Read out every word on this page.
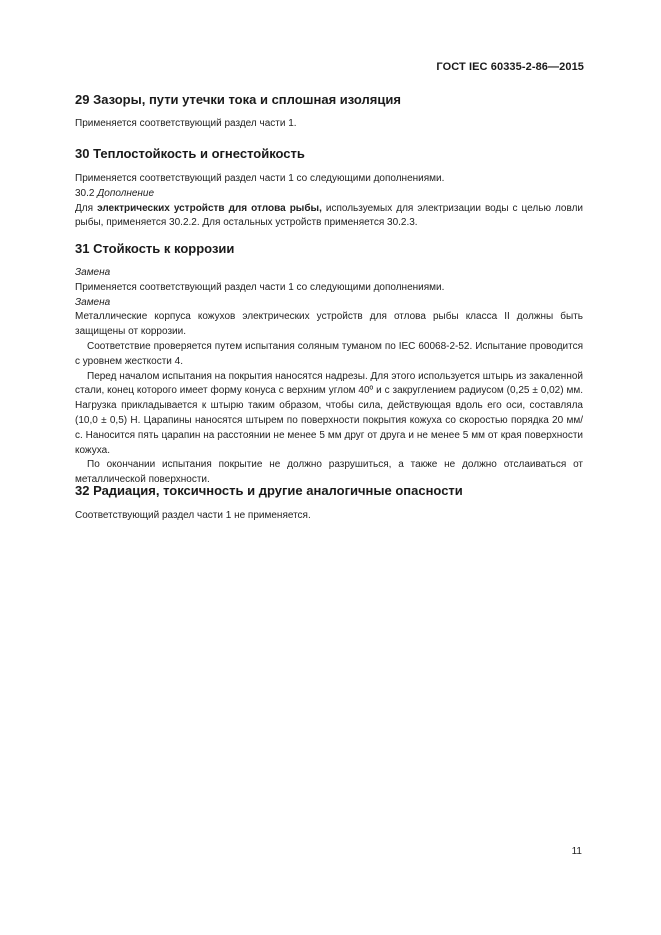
ГОСТ IEC 60335-2-86—2015
29 Зазоры, пути утечки тока и сплошная изоляция

Применяется соответствующий раздел части 1.

30 Теплостойкость и огнестойкость

Применяется соответствующий раздел части 1 со следующими дополнениями.

30.2 Дополнение

Для электрических устройств для отлова рыбы, используемых для электризации воды с целью ловли рыбы, применяется 30.2.2. Для остальных устройств применяется 30.2.3.

31 Стойкость к коррозии

Замена

Применяется соответствующий раздел части 1 со следующими дополнениями.

Замена

Металлические корпуса кожухов электрических устройств для отлова рыбы класса II должны быть защищены от коррозии.

Соответствие проверяется путем испытания соляным туманом по IEC 60068-2-52. Испытание проводится с уровнем жесткости 4.

Перед началом испытания на покрытия наносятся надрезы. Для этого используется штырь из закаленной стали, конец которого имеет форму конуса с верхним углом 40º и с закруглением радиусом (0,25 ± 0,02) мм. Нагрузка прикладывается к штырю таким образом, чтобы сила, действующая вдоль его оси, составляла (10,0 ± 0,5) Н. Царапины наносятся штырем по поверхности покрытия кожуха со скоростью порядка 20 мм/с. Наносится пять царапин на расстоянии не менее 5 мм друг от друга и не менее 5 мм от края поверхности кожуха.

По окончании испытания покрытие не должно разрушиться, а также не должно отслаиваться от металлической поверхности.

32 Радиация, токсичность и другие аналогичные опасности

Соответствующий раздел части 1 не применяется.

11
